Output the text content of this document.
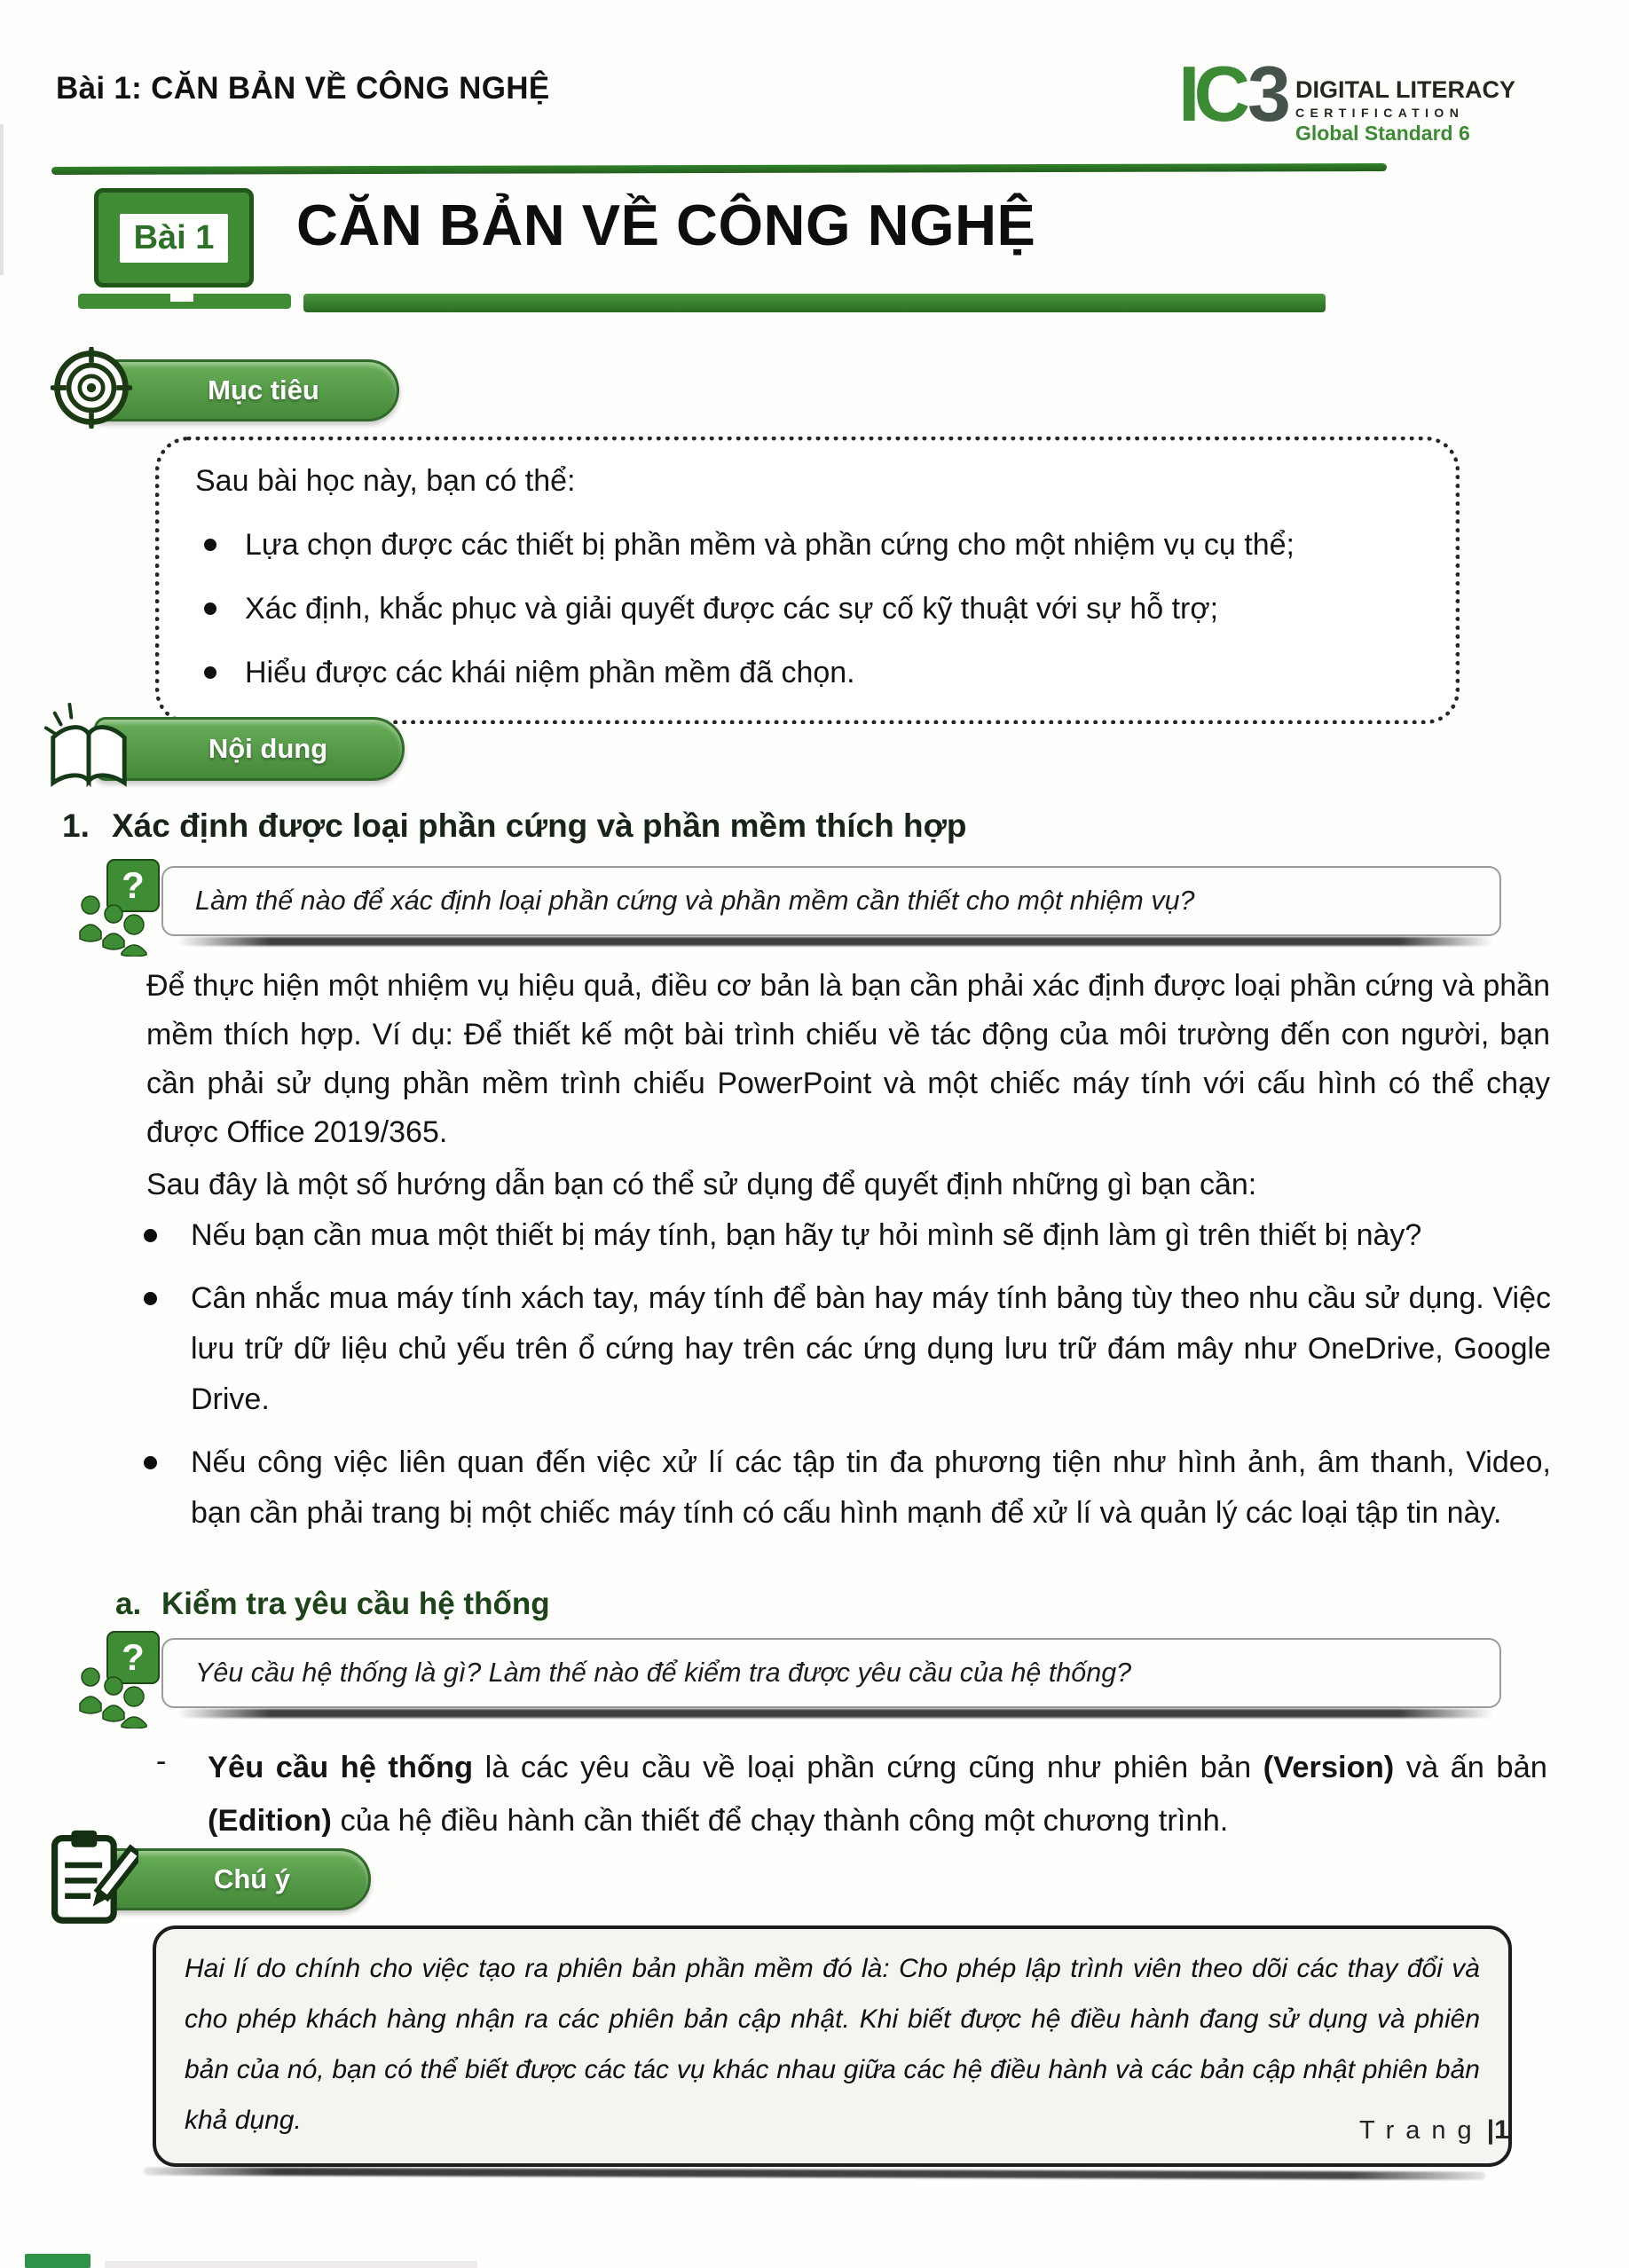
Bài 1: CĂN BẢN VỀ CÔNG NGHỆ	IC 3 DIGITAL LITERACY
CERTIFICATION
Global Standard 6
Bài 1 CĂN BẢN VỀ CÔNG NGHỆ
Mục tiêu

Sau bài học này, bạn có thể:

Lựa chọn được các thiết bị phần mềm và phần cứng cho một nhiệm vụ cụ thể;
Xác định, khắc phục và giải quyết được các sự cố kỹ thuật với sự hỗ trợ;
Hiểu được các khái niệm phần mềm đã chọn.
Nội dung
1. Xác định được loại phần cứng và phần mềm thích hợp
?	Làm thế nào để xác định loại phần cứng và phần mềm cần thiết cho một nhiệm vụ?

Để thực hiện một nhiệm vụ hiệu quả, điều cơ bản là bạn cần phải xác định được loại phần cứng và phần mềm thích hợp. Ví dụ: Để thiết kế một bài trình chiếu về tác động của môi trường đến con người, bạn cần phải sử dụng phần mềm trình chiếu PowerPoint và một chiếc máy tính với cấu hình có thể chạy được Office 2019/365.

Sau đây là một số hướng dẫn bạn có thể sử dụng để quyết định những gì bạn cần:

Nếu bạn cần mua một thiết bị máy tính, bạn hãy tự hỏi mình sẽ định làm gì trên thiết bị này?
Cân nhắc mua máy tính xách tay, máy tính để bàn hay máy tính bảng tùy theo nhu cầu sử dụng. Việc lưu trữ dữ liệu chủ yếu trên ổ cứng hay trên các ứng dụng lưu trữ đám mây như OneDrive, Google Drive.
Nếu công việc liên quan đến việc xử lí các tập tin đa phương tiện như hình ảnh, âm thanh, Video, bạn cần phải trang bị một chiếc máy tính có cấu hình mạnh để xử lí và quản lý các loại tập tin này.
a. Kiểm tra yêu cầu hệ thống
?	Yêu cầu hệ thống là gì? Làm thế nào để kiểm tra được yêu cầu của hệ thống?
-	Yêu cầu hệ thống là các yêu cầu về loại phần cứng cũng như phiên bản (Version) và ấn bản (Edition) của hệ điều hành cần thiết để chạy thành công một chương trình.
Chú ý
Hai lí do chính cho việc tạo ra phiên bản phần mềm đó là: Cho phép lập trình viên theo dõi các thay đổi và cho phép khách hàng nhận ra các phiên bản cập nhật. Khi biết được hệ điều hành đang sử dụng và phiên bản của nó, bạn có thể biết được các tác vụ khác nhau giữa các hệ điều hành và các bản cập nhật phiên bản khả dụng.	Trang |1
